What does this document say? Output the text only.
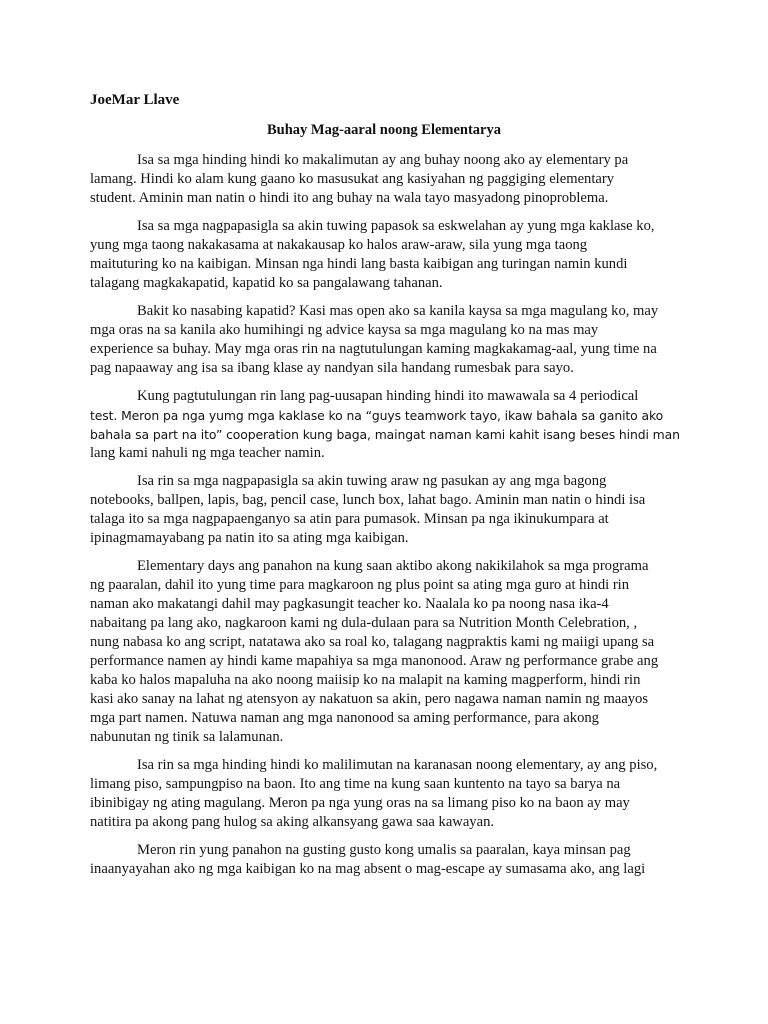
JoeMar Llave
Buhay Mag-aaral noong Elementarya
Isa sa mga hinding hindi ko makalimutan ay ang buhay noong ako ay elementary pa
lamang. Hindi ko alam kung gaano ko masusukat ang kasiyahan ng paggiging elementary
student. Aminin man natin o hindi ito ang buhay na wala tayo masyadong pinoproblema.
Isa sa mga nagpapasigla sa akin tuwing papasok sa eskwelahan ay yung mga kaklase ko,
yung mga taong nakakasama at nakakausap ko halos araw-araw, sila yung mga taong
maituturing ko na kaibigan. Minsan nga hindi lang basta kaibigan ang turingan namin kundi
talagang magkakapatid, kapatid ko sa pangalawang tahanan.
Bakit ko nasabing kapatid? Kasi mas open ako sa kanila kaysa sa mga magulang ko, may
mga oras na sa kanila ako humihingi ng advice kaysa sa mga magulang ko na mas may
experience sa buhay. May mga oras rin na nagtutulungan kaming magkakamag-aal, yung time na
pag napaaway ang isa sa ibang klase ay nandyan sila handang rumesbak para sayo.
Kung pagtutulungan rin lang pag-uusapan hinding hindi ito mawawala sa 4 periodical
test. Meron pa nga yumg mga kaklase ko na “guys teamwork tayo, ikaw bahala sa ganito ako
bahala sa part na ito” cooperation kung baga, maingat naman kami kahit isang beses hindi man
lang kami nahuli ng mga teacher namin.
Isa rin sa mga nagpapasigla sa akin tuwing araw ng pasukan ay ang mga bagong
notebooks, ballpen, lapis, bag, pencil case, lunch box, lahat bago. Aminin man natin o hindi isa
talaga ito sa mga nagpapaenganyo sa atin para pumasok. Minsan pa nga ikinukumpara at
ipinagmamayabang pa natin ito sa ating mga kaibigan.
Elementary days ang panahon na kung saan aktibo akong nakikilahok sa mga programa
ng paaralan, dahil ito yung time para magkaroon ng plus point sa ating mga guro at hindi rin
naman ako makatangi dahil may pagkasungit teacher ko. Naalala ko pa noong nasa ika-4
nabaitang pa lang ako, nagkaroon kami ng dula-dulaan para sa Nutrition Month Celebration, ,
nung nabasa ko ang script, natatawa ako sa roal ko, talagang nagpraktis kami ng maiigi upang sa
performance namen ay hindi kame mapahiya sa mga manonood. Araw ng performance grabe ang
kaba ko halos mapaluha na ako noong maiisip ko na malapit na kaming magperform, hindi rin
kasi ako sanay na lahat ng atensyon ay nakatuon sa akin, pero nagawa naman namin ng maayos
mga part namen. Natuwa naman ang mga nanonood sa aming performance, para akong
nabunutan ng tinik sa lalamunan.
Isa rin sa mga hinding hindi ko malilimutan na karanasan noong elementary, ay ang piso,
limang piso, sampungpiso na baon. Ito ang time na kung saan kuntento na tayo sa barya na
ibinibigay ng ating magulang. Meron pa nga yung oras na sa limang piso ko na baon ay may
natitira pa akong pang hulog sa aking alkansyang gawa saa kawayan.
Meron rin yung panahon na gusting gusto kong umalis sa paaralan, kaya minsan pag
inaanyayahan ako ng mga kaibigan ko na mag absent o mag-escape ay sumasama ako, ang lagi
